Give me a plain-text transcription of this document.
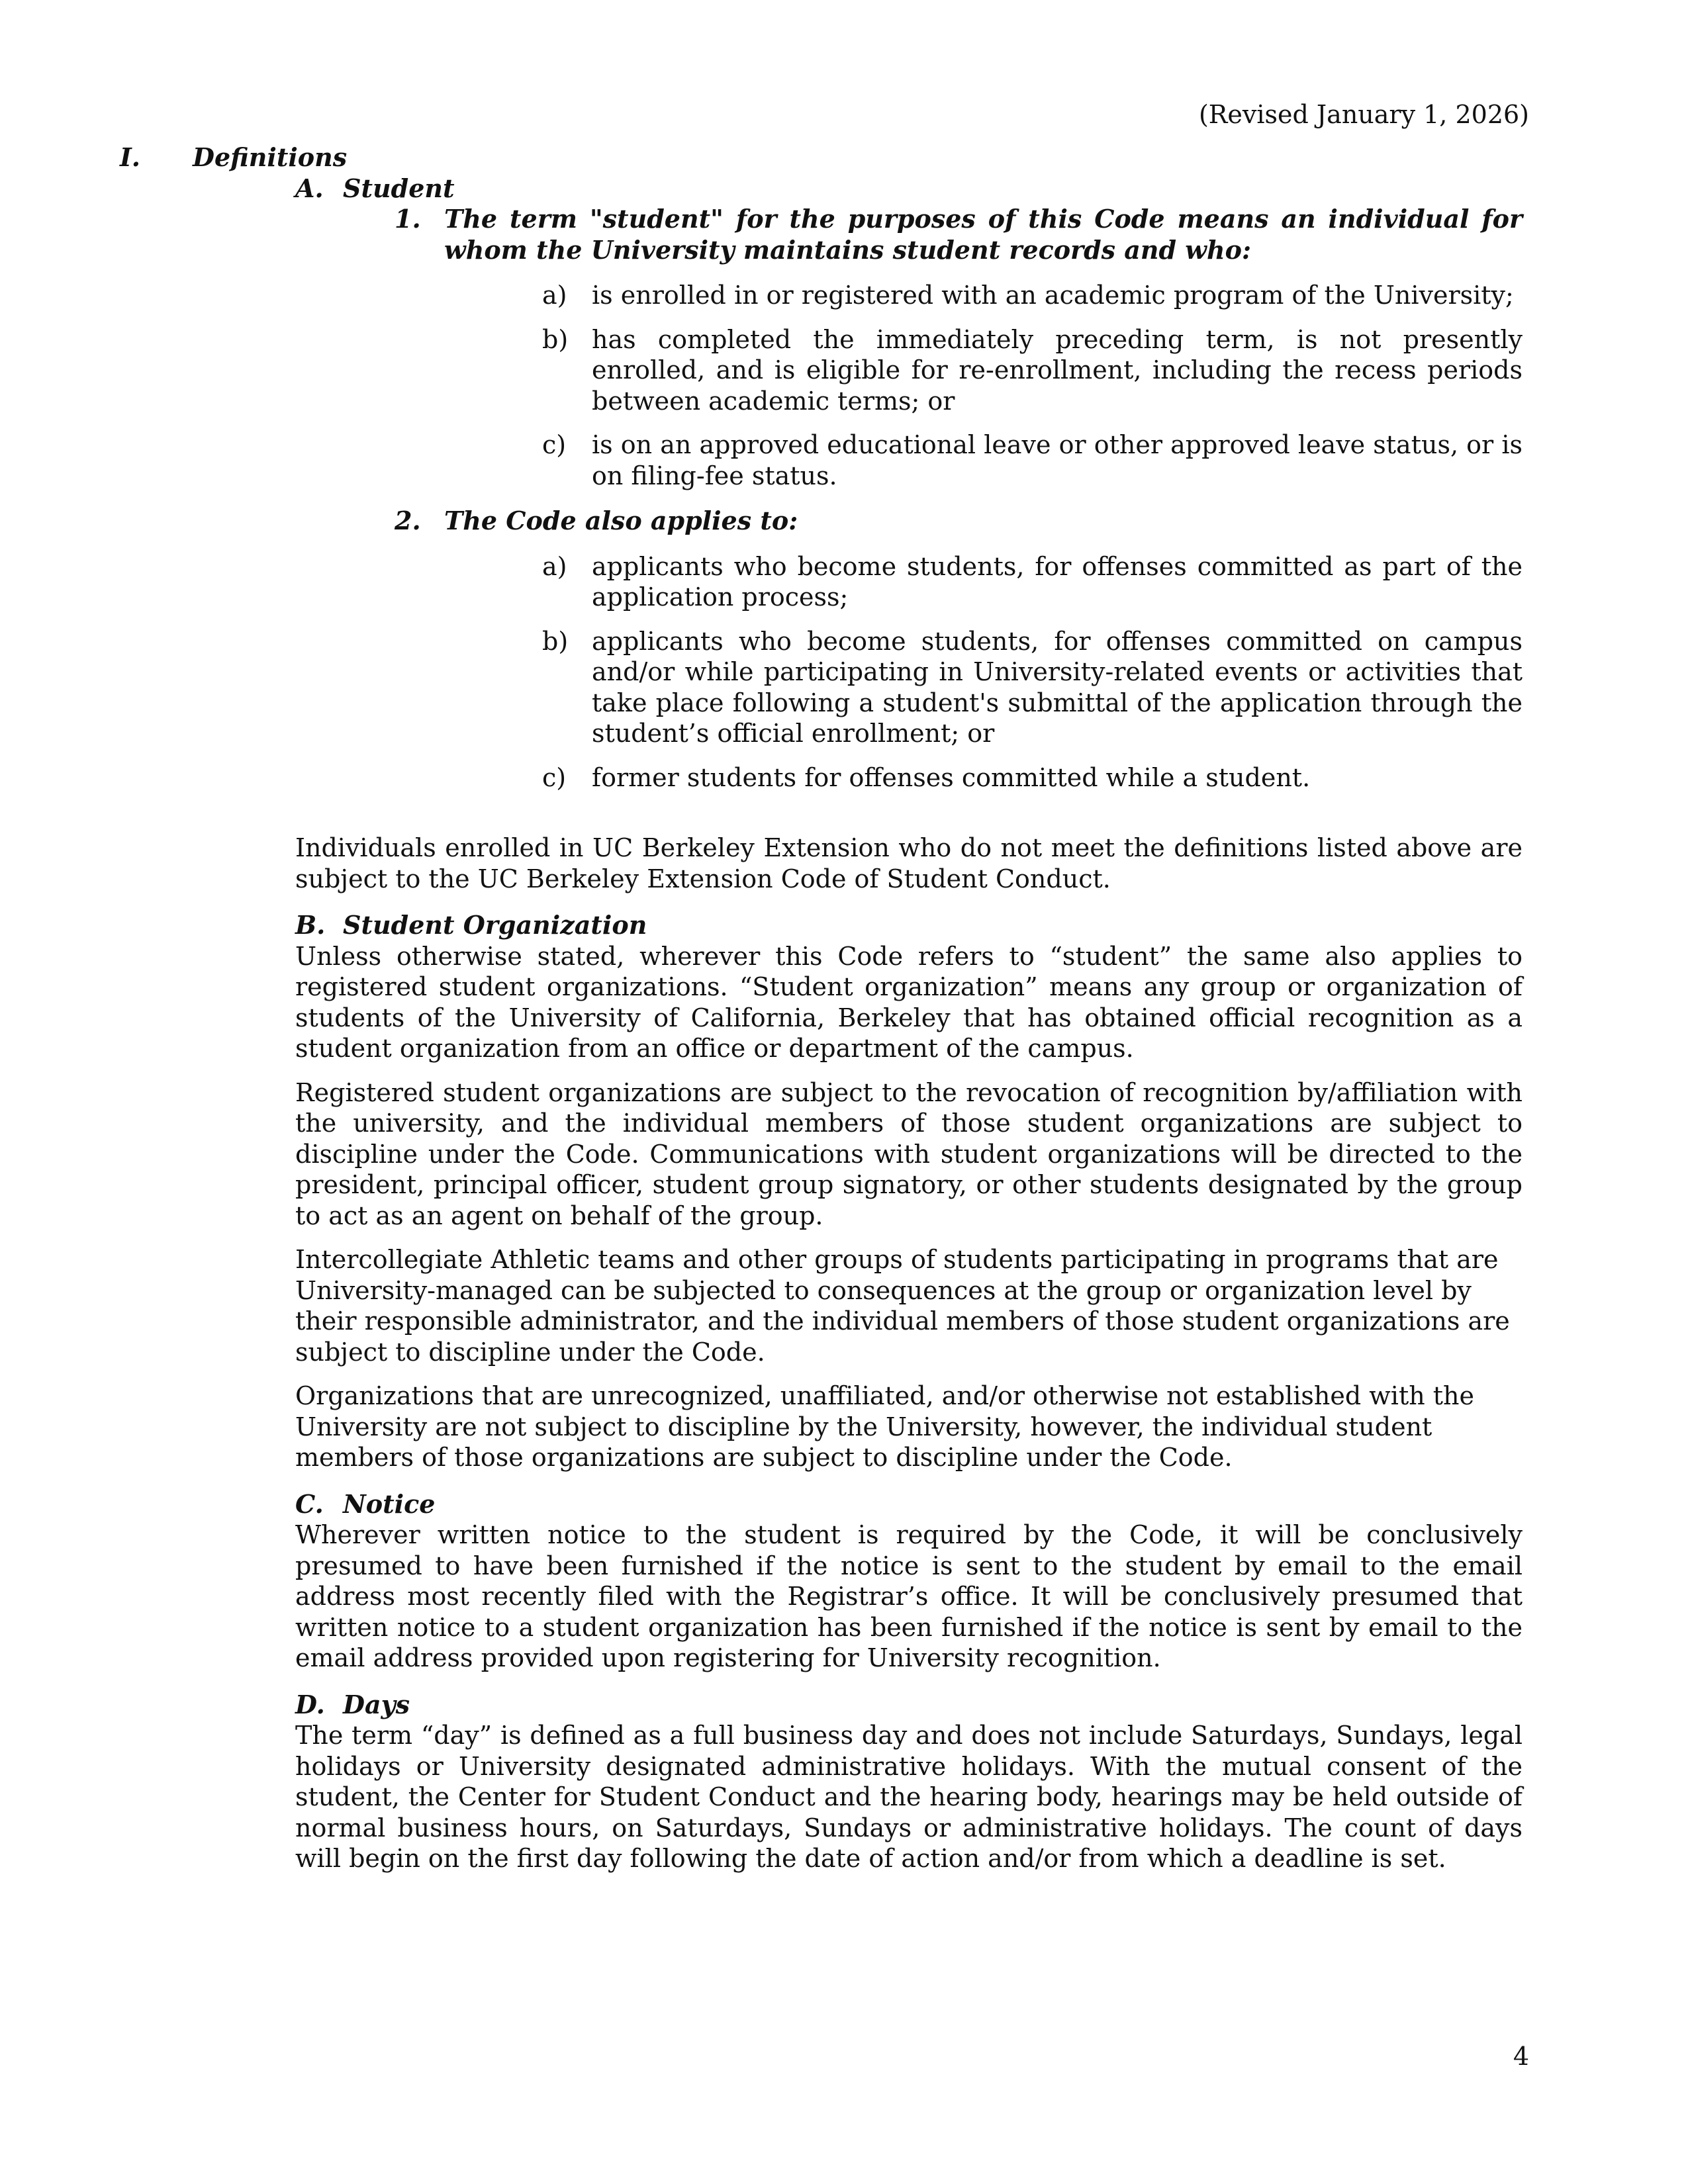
(Revised January 1, 2026)
I. Definitions
A. Student
1. The term "student" for the purposes of this Code means an individual for whom the University maintains student records and who:
a) is enrolled in or registered with an academic program of the University;
b) has completed the immediately preceding term, is not presently enrolled, and is eligible for re-enrollment, including the recess periods between academic terms; or
c) is on an approved educational leave or other approved leave status, or is on filing-fee status.
2. The Code also applies to:
a) applicants who become students, for offenses committed as part of the application process;
b) applicants who become students, for offenses committed on campus and/or while participating in University-related events or activities that take place following a student's submittal of the application through the student’s official enrollment; or
c) former students for offenses committed while a student.

Individuals enrolled in UC Berkeley Extension who do not meet the definitions listed above are subject to the UC Berkeley Extension Code of Student Conduct.

B. Student Organization

Unless otherwise stated, wherever this Code refers to “student” the same also applies to registered student organizations. “Student organization” means any group or organization of students of the University of California, Berkeley that has obtained official recognition as a student organization from an office or department of the campus.

Registered student organizations are subject to the revocation of recognition by/affiliation with the university, and the individual members of those student organizations are subject to discipline under the Code. Communications with student organizations will be directed to the president, principal officer, student group signatory, or other students designated by the group to act as an agent on behalf of the group.

Intercollegiate Athletic teams and other groups of students participating in programs that are University-managed can be subjected to consequences at the group or organization level by their responsible administrator, and the individual members of those student organizations are subject to discipline under the Code.

Organizations that are unrecognized, unaffiliated, and/or otherwise not established with the University are not subject to discipline by the University, however, the individual student members of those organizations are subject to discipline under the Code.

C. Notice

Wherever written notice to the student is required by the Code, it will be conclusively presumed to have been furnished if the notice is sent to the student by email to the email address most recently filed with the Registrar’s office. It will be conclusively presumed that written notice to a student organization has been furnished if the notice is sent by email to the email address provided upon registering for University recognition.

D. Days

The term “day” is defined as a full business day and does not include Saturdays, Sundays, legal holidays or University designated administrative holidays. With the mutual consent of the student, the Center for Student Conduct and the hearing body, hearings may be held outside of normal business hours, on Saturdays, Sundays or administrative holidays. The count of days will begin on the first day following the date of action and/or from which a deadline is set.

4
